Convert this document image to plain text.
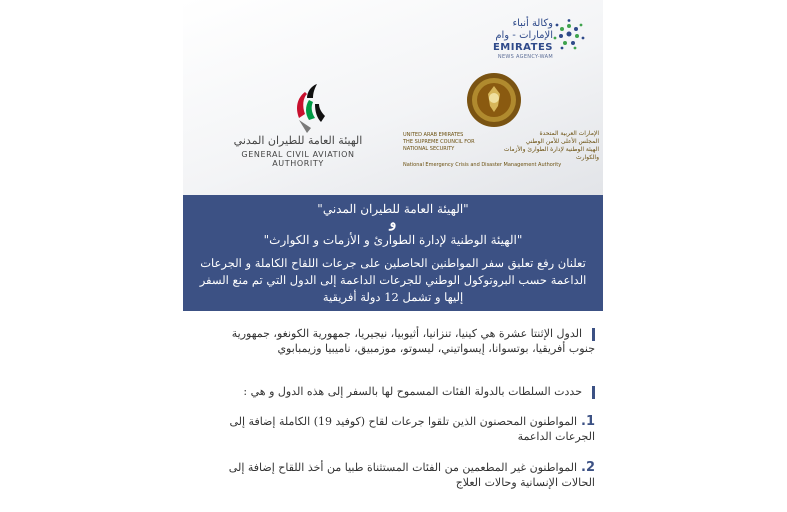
وكالة أنباء الإمارات - وام
EMIRATES
NEWS AGENCY-WAM
الهيئة العامة للطيران المدني
GENERAL CIVIL AVIATION AUTHORITY
UNITED ARAB EMIRATES
THE SUPREME COUNCIL FOR NATIONAL SECURITY
الإمارات العربية المتحدة
المجلس الأعلى للأمن الوطني
الهيئة الوطنية لإدارة الطوارئ والأزمات والكوارث
National Emergency Crisis and Disaster Management Authority
"الهيئة العامة للطيران المدني"
و
"الهيئة الوطنية لإدارة الطوارئ و الأزمات و الكوارث"
تعلنان رفع تعليق سفر المواطنين الحاصلين على جرعات اللقاح الكاملة و الجرعات الداعمة حسب البروتوكول الوطني للجرعات الداعمة إلى الدول التي تم منع السفر إليها و تشمل 12 دولة أفريقية
الدول الإثنتا عشرة هي كينيا، تنزانيا، أثيوبيا، نيجيريا، جمهورية الكونغو، جمهورية جنوب أفريقيا، بوتسوانا، إيسواتيني، ليسوتو، موزمبيق، ناميبيا وزيمبابوي
حددت السلطات بالدولة الفئات المسموح لها بالسفر إلى هذه الدول و هي :
1.المواطنون المحصنون الذين تلقوا جرعات لقاح (كوفيد 19) الكاملة إضافة إلى الجرعات الداعمة
2.المواطنون غير المطعمين من الفئات المستثناة طبيا من أخذ اللقاح إضافة إلى الحالات الإنسانية وحالات العلاج
